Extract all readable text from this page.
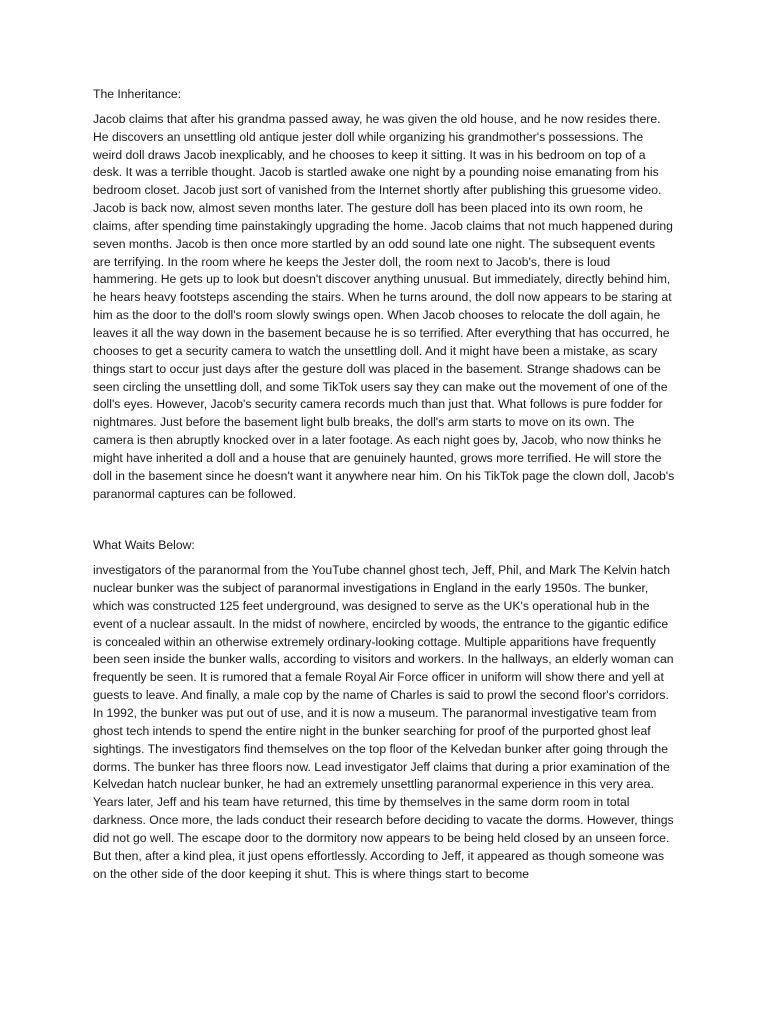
The Inheritance:

Jacob claims that after his grandma passed away, he was given the old house, and he now resides there. He discovers an unsettling old antique jester doll while organizing his grandmother's possessions. The weird doll draws Jacob inexplicably, and he chooses to keep it sitting. It was in his bedroom on top of a desk. It was a terrible thought. Jacob is startled awake one night by a pounding noise emanating from his bedroom closet. Jacob just sort of vanished from the Internet shortly after publishing this gruesome video. Jacob is back now, almost seven months later. The gesture doll has been placed into its own room, he claims, after spending time painstakingly upgrading the home. Jacob claims that not much happened during seven months. Jacob is then once more startled by an odd sound late one night. The subsequent events are terrifying. In the room where he keeps the Jester doll, the room next to Jacob's, there is loud hammering. He gets up to look but doesn't discover anything unusual. But immediately, directly behind him, he hears heavy footsteps ascending the stairs. When he turns around, the doll now appears to be staring at him as the door to the doll's room slowly swings open. When Jacob chooses to relocate the doll again, he leaves it all the way down in the basement because he is so terrified. After everything that has occurred, he chooses to get a security camera to watch the unsettling doll. And it might have been a mistake, as scary things start to occur just days after the gesture doll was placed in the basement. Strange shadows can be seen circling the unsettling doll, and some TikTok users say they can make out the movement of one of the doll's eyes. However, Jacob's security camera records much than just that. What follows is pure fodder for nightmares. Just before the basement light bulb breaks, the doll's arm starts to move on its own. The camera is then abruptly knocked over in a later footage. As each night goes by, Jacob, who now thinks he might have inherited a doll and a house that are genuinely haunted, grows more terrified. He will store the doll in the basement since he doesn't want it anywhere near him. On his TikTok page the clown doll, Jacob's paranormal captures can be followed.

What Waits Below:

investigators of the paranormal from the YouTube channel ghost tech, Jeff, Phil, and Mark The Kelvin hatch nuclear bunker was the subject of paranormal investigations in England in the early 1950s. The bunker, which was constructed 125 feet underground, was designed to serve as the UK's operational hub in the event of a nuclear assault. In the midst of nowhere, encircled by woods, the entrance to the gigantic edifice is concealed within an otherwise extremely ordinary-looking cottage. Multiple apparitions have frequently been seen inside the bunker walls, according to visitors and workers. In the hallways, an elderly woman can frequently be seen. It is rumored that a female Royal Air Force officer in uniform will show there and yell at guests to leave. And finally, a male cop by the name of Charles is said to prowl the second floor's corridors. In 1992, the bunker was put out of use, and it is now a museum. The paranormal investigative team from ghost tech intends to spend the entire night in the bunker searching for proof of the purported ghost leaf sightings. The investigators find themselves on the top floor of the Kelvedan bunker after going through the dorms. The bunker has three floors now. Lead investigator Jeff claims that during a prior examination of the Kelvedan hatch nuclear bunker, he had an extremely unsettling paranormal experience in this very area. Years later, Jeff and his team have returned, this time by themselves in the same dorm room in total darkness. Once more, the lads conduct their research before deciding to vacate the dorms. However, things did not go well. The escape door to the dormitory now appears to be being held closed by an unseen force. But then, after a kind plea, it just opens effortlessly. According to Jeff, it appeared as though someone was on the other side of the door keeping it shut. This is where things start to become
